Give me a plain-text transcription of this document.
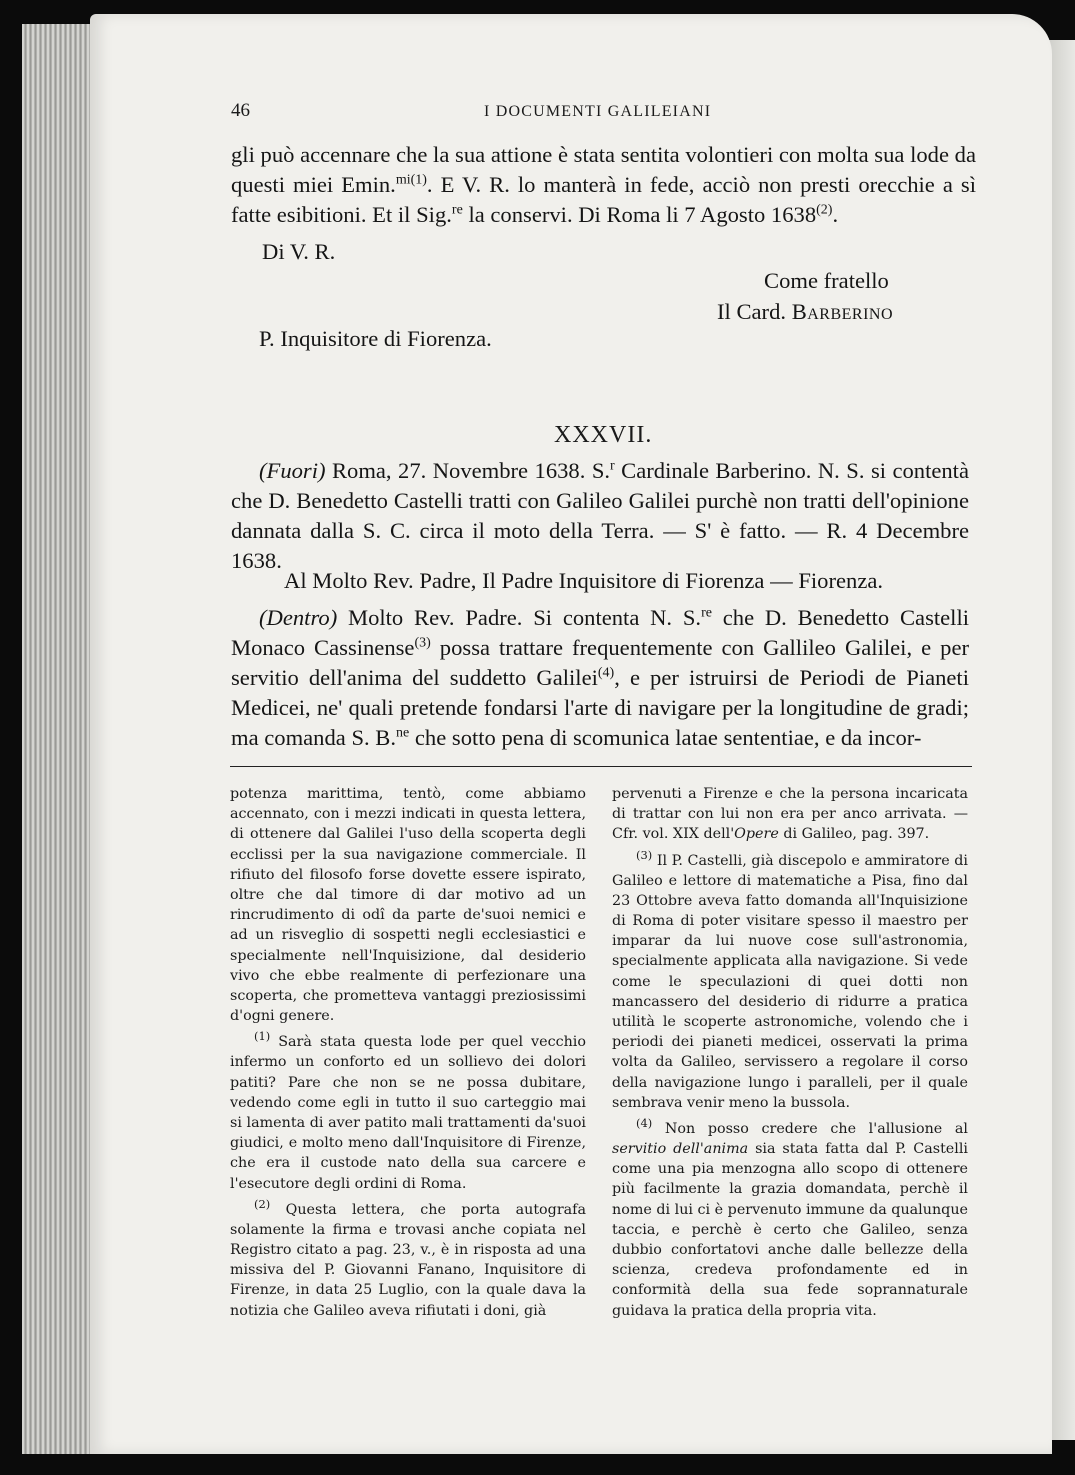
46	I DOCUMENTI GALILEIANI

gli può accennare che la sua attione è stata sentita volontieri con molta sua lode da questi miei Emin.$^{mi(1)}$. E V. R. lo manterà in fede, acciò non presti orecchie a sì fatte esibitioni. Et il Sig.$^{re}$ la conservi. Di Roma li 7 Agosto 1638$^{(2)}$.

Di V. R.
Come fratello
Il Card. Barberino
P. Inquisitore di Fiorenza.
XXXVII.

(Fuori) Roma, 27. Novembre 1638. S.$^r$ Cardinale Barberino. N. S. si contentà che D. Benedetto Castelli tratti con Galileo Galilei purchè non tratti dell'opinione dannata dalla S. C. circa il moto della Terra. — S' è fatto. — R. 4 Decembre 1638.

Al Molto Rev. Padre, Il Padre Inquisitore di Fiorenza — Fiorenza.

(Dentro) Molto Rev. Padre. Si contenta N. S.$^{re}$ che D. Benedetto Castelli Monaco Cassinense$^{(3)}$ possa trattare frequentemente con Gallileo Galilei, e per servitio dell'anima del suddetto Galilei$^{(4)}$, e per istruirsi de Periodi de Pianeti Medicei, ne' quali pretende fondarsi l'arte di navigare per la longitudine de gradi; ma comanda S. B.$^{ne}$ che sotto pena di scomunica latae sententiae, e da incor-

potenza marittima, tentò, come abbiamo accennato, con i mezzi indicati in questa lettera, di ottenere dal Galilei l'uso della scoperta degli ecclissi per la sua navigazione commerciale. Il rifiuto del filosofo forse dovette essere ispirato, oltre che dal timore di dar motivo ad un rincrudimento di odî da parte de'suoi nemici e ad un risveglio di sospetti negli ecclesiastici e specialmente nell'Inquisizione, dal desiderio vivo che ebbe realmente di perfezionare una scoperta, che prometteva vantaggi preziosissimi d'ogni genere.

$^{(1)}$ Sarà stata questa lode per quel vecchio infermo un conforto ed un sollievo dei dolori patiti? Pare che non se ne possa dubitare, vedendo come egli in tutto il suo carteggio mai si lamenta di aver patito mali trattamenti da'suoi giudici, e molto meno dall'Inquisitore di Firenze, che era il custode nato della sua carcere e l'esecutore degli ordini di Roma.

$^{(2)}$ Questa lettera, che porta autografa solamente la firma e trovasi anche copiata nel Registro citato a pag. 23, v., è in risposta ad una missiva del P. Giovanni Fanano, Inquisitore di Firenze, in data 25 Luglio, con la quale dava la notizia che Galileo aveva rifiutati i doni, già

pervenuti a Firenze e che la persona incaricata di trattar con lui non era per anco arrivata. — Cfr. vol. XIX dell'Opere di Galileo, pag. 397.

$^{(3)}$ Il P. Castelli, già discepolo e ammiratore di Galileo e lettore di matematiche a Pisa, fino dal 23 Ottobre aveva fatto domanda all'Inquisizione di Roma di poter visitare spesso il maestro per imparar da lui nuove cose sull'astronomia, specialmente applicata alla navigazione. Si vede come le speculazioni di quei dotti non mancassero del desiderio di ridurre a pratica utilità le scoperte astronomiche, volendo che i periodi dei pianeti medicei, osservati la prima volta da Galileo, servissero a regolare il corso della navigazione lungo i paralleli, per il quale sembrava venir meno la bussola.

$^{(4)}$ Non posso credere che l'allusione al servitio dell'anima sia stata fatta dal P. Castelli come una pia menzogna allo scopo di ottenere più facilmente la grazia domandata, perchè il nome di lui ci è pervenuto immune da qualunque taccia, e perchè è certo che Galileo, senza dubbio confortatovi anche dalle bellezze della scienza, credeva profondamente ed in conformità della sua fede soprannaturale guidava la pratica della propria vita.
